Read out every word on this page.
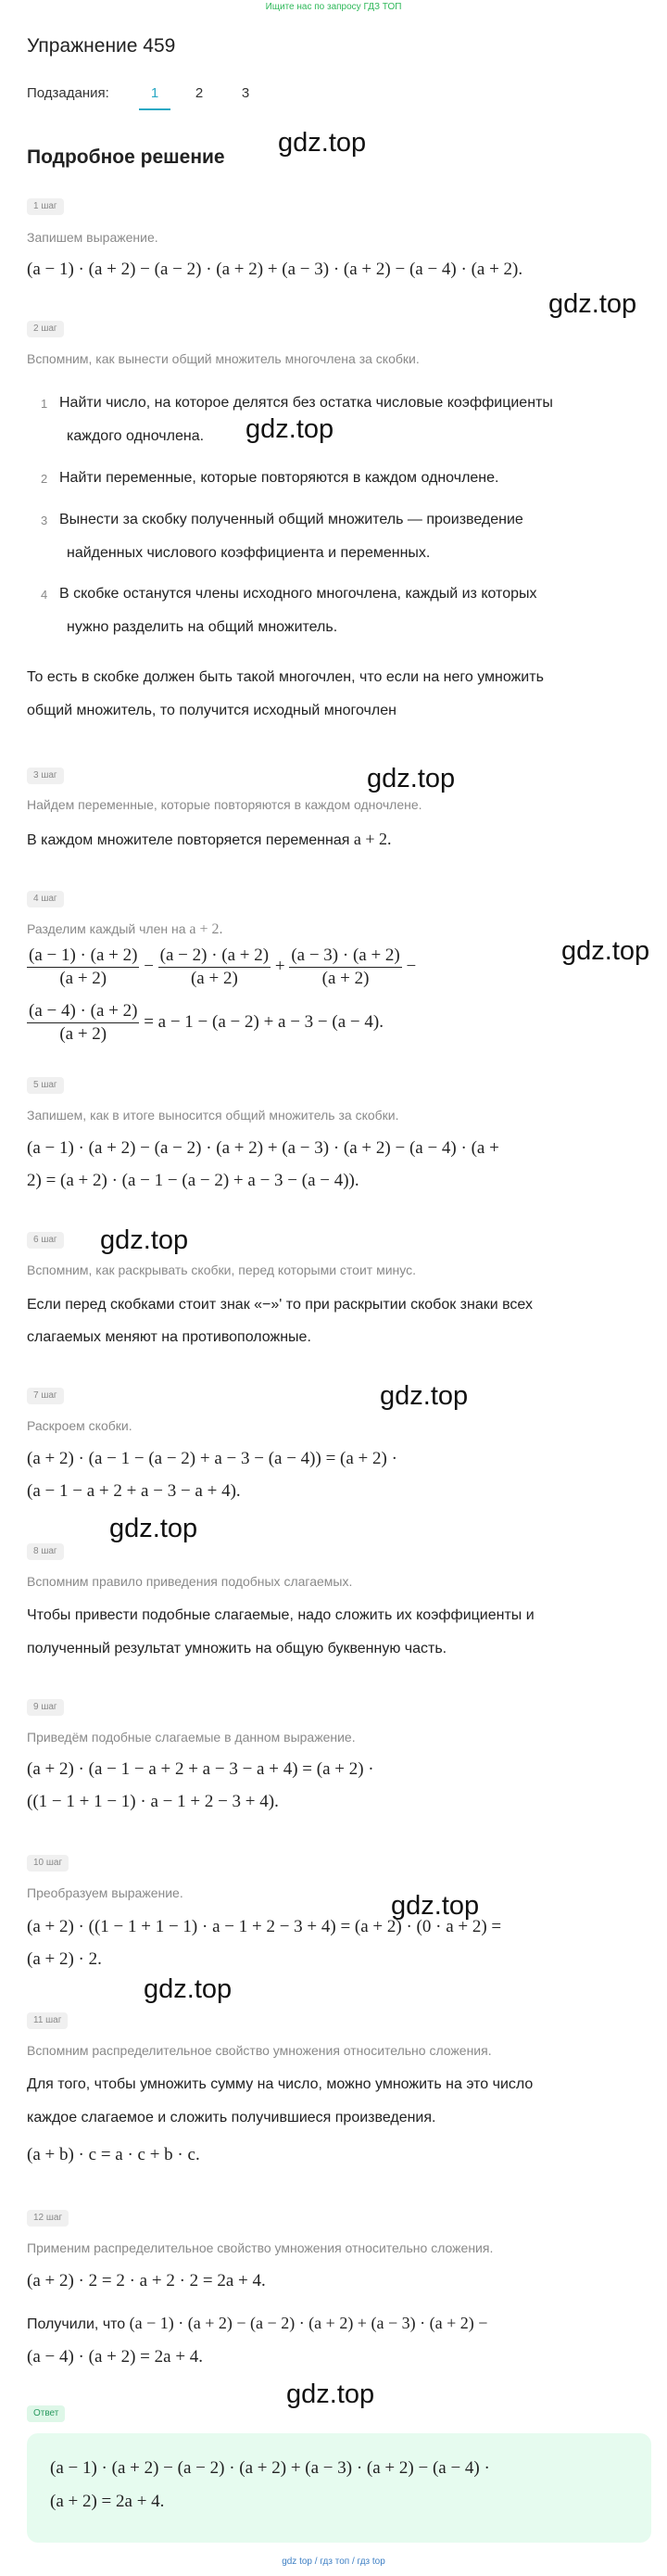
Ищите нас по запросу ГДЗ ТОП
Упражнение 459
Подзадания:	1	2	3
Подробное решение gdz.top
gdz.top
gdz.top
gdz.top
gdz.top
gdz.top
gdz.top
gdz.top
gdz.top
gdz.top
gdz.top
1 шаг
Запишем выражение.
(a − 1) · (a + 2) − (a − 2) · (a + 2) + (a − 3) · (a + 2) − (a − 4) · (a + 2).
2 шаг
Вспомним, как вынести общий множитель многочлена за скобки.
1 Найти число, на которое делятся без остатка числовые коэффициенты
каждого одночлена.
2 Найти переменные, которые повторяются в каждом одночлене.
3 Вынести за скобку полученный общий множитель — произведение
найденных числового коэффициента и переменных.
4 В скобке останутся члены исходного многочлена, каждый из которых
нужно разделить на общий множитель.
То есть в скобке должен быть такой многочлен, что если на него умножить
общий множитель, то получится исходный многочлен
3 шаг
Найдем переменные, которые повторяются в каждом одночлене.
В каждом множителе повторяется переменная a + 2.
4 шаг
Разделим каждый член на a + 2.
$\frac{(a - 1) \cdot (a + 2)}{(a + 2)} - \frac{(a - 2) \cdot (a + 2)}{(a + 2)} + \frac{(a - 3) \cdot (a + 2)}{(a + 2)}$ −
$\frac{(a - 4) \cdot (a + 2)}{(a + 2)} = a - 1 - (a - 2) + a - 3 - (a - 4)$.
5 шаг
Запишем, как в итоге выносится общий множитель за скобки.
(a − 1) · (a + 2) − (a − 2) · (a + 2) + (a − 3) · (a + 2) − (a − 4) · (a +
2) = (a + 2) · (a − 1 − (a − 2) + a − 3 − (a − 4)).
6 шаг
Вспомним, как раскрывать скобки, перед которыми стоит минус.
Если перед скобками стоит знак «−»' то при раскрытии скобок знаки всех
слагаемых меняют на противоположные.
7 шаг
Раскроем скобки.
(a + 2) · (a − 1 − (a − 2) + a − 3 − (a − 4)) = (a + 2) ·
(a − 1 − a + 2 + a − 3 − a + 4).
8 шаг
Вспомним правило приведения подобных слагаемых.
Чтобы привести подобные слагаемые, надо сложить их коэффициенты и
полученный результат умножить на общую буквенную часть.
9 шаг
Приведём подобные слагаемые в данном выражение.
(a + 2) · (a − 1 − a + 2 + a − 3 − a + 4) = (a + 2) ·
((1 − 1 + 1 − 1) · a − 1 + 2 − 3 + 4).
10 шаг
Преобразуем выражение.
(a + 2) · ((1 − 1 + 1 − 1) · a − 1 + 2 − 3 + 4) = (a + 2) · (0 · a + 2) =
(a + 2) · 2.
11 шаг
Вспомним распределительное свойство умножения относительно сложения.
Для того, чтобы умножить сумму на число, можно умножить на это число
каждое слагаемое и сложить получившиеся произведения.
(a + b) · c = a · c + b · c.
12 шаг
Применим распределительное свойство умножения относительно сложения.
(a + 2) · 2 = 2 · a + 2 · 2 = 2a + 4.
Получили, что (a − 1) · (a + 2) − (a − 2) · (a + 2) + (a − 3) · (a + 2) −
(a − 4) · (a + 2) = 2a + 4.
Ответ
(a − 1) · (a + 2) − (a − 2) · (a + 2) + (a − 3) · (a + 2) − (a − 4) ·
(a + 2) = 2a + 4.
gdz top / гдз топ / гдз top
